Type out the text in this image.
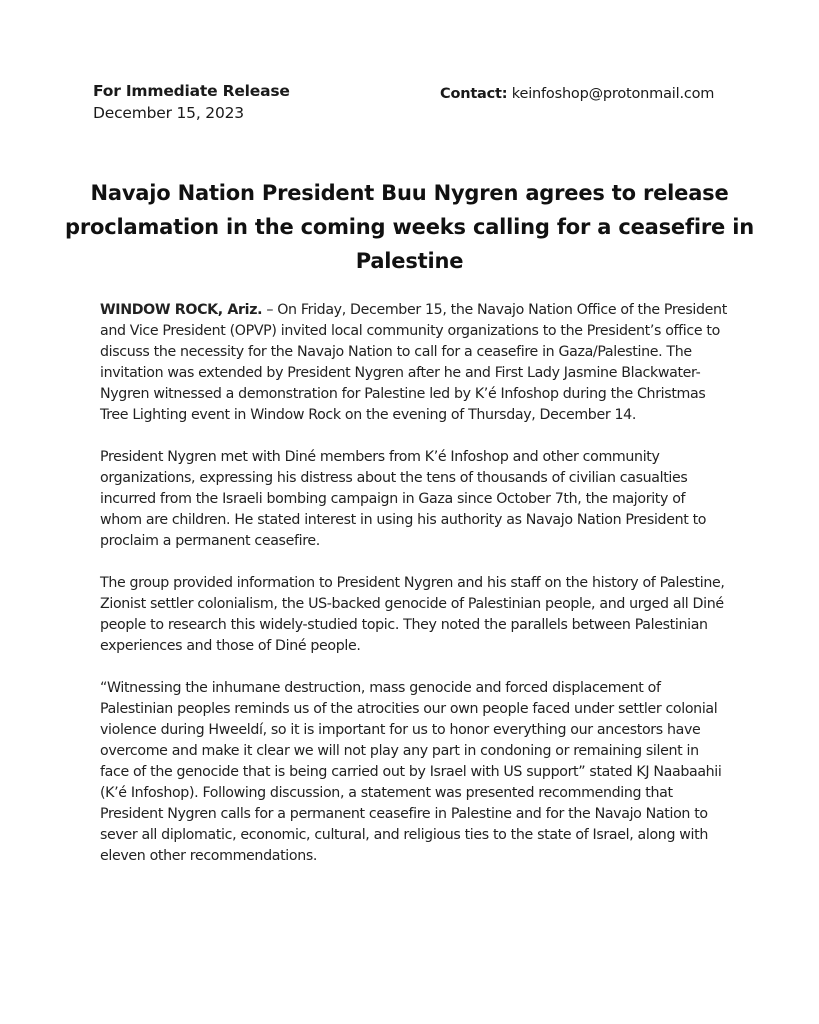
For Immediate Release
December 15, 2023
Contact: keinfoshop@protonmail.com
Navajo Nation President Buu Nygren agrees to release proclamation in the coming weeks calling for a ceasefire in Palestine

WINDOW ROCK, Ariz. – On Friday, December 15, the Navajo Nation Office of the President and Vice President (OPVP) invited local community organizations to the President’s office to discuss the necessity for the Navajo Nation to call for a ceasefire in Gaza/Palestine. The invitation was extended by President Nygren after he and First Lady Jasmine Blackwater-Nygren witnessed a demonstration for Palestine led by K’é Infoshop during the Christmas Tree Lighting event in Window Rock on the evening of Thursday, December 14.

President Nygren met with Diné members from K’é Infoshop and other community organizations, expressing his distress about the tens of thousands of civilian casualties incurred from the Israeli bombing campaign in Gaza since October 7th, the majority of whom are children. He stated interest in using his authority as Navajo Nation President to proclaim a permanent ceasefire.

The group provided information to President Nygren and his staff on the history of Palestine, Zionist settler colonialism, the US-backed genocide of Palestinian people, and urged all Diné people to research this widely-studied topic. They noted the parallels between Palestinian experiences and those of Diné people.

“Witnessing the inhumane destruction, mass genocide and forced displacement of Palestinian peoples reminds us of the atrocities our own people faced under settler colonial violence during Hweeldí, so it is important for us to honor everything our ancestors have overcome and make it clear we will not play any part in condoning or remaining silent in face of the genocide that is being carried out by Israel with US support” stated KJ Naabaahii (K’é Infoshop). Following discussion, a statement was presented recommending that President Nygren calls for a permanent ceasefire in Palestine and for the Navajo Nation to sever all diplomatic, economic, cultural, and religious ties to the state of Israel, along with eleven other recommendations.
